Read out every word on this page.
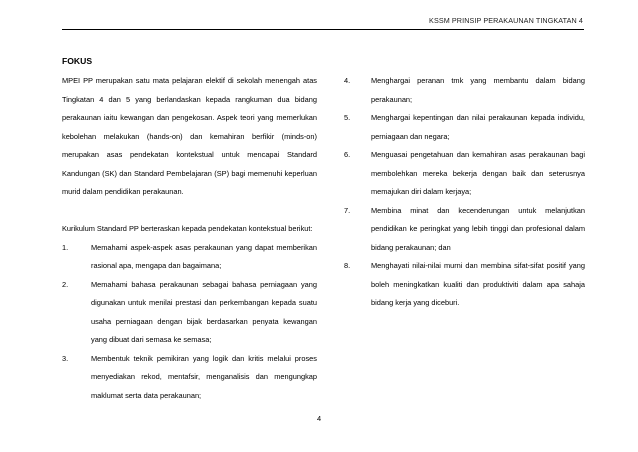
KSSM PRINSIP PERAKAUNAN TINGKATAN 4
FOKUS

MPEI PP merupakan satu mata pelajaran elektif di sekolah menengah atas Tingkatan 4 dan 5 yang berlandaskan kepada rangkuman dua bidang perakaunan iaitu kewangan dan pengekosan. Aspek teori yang memerlukan kebolehan melakukan (hands-on) dan kemahiran berfikir (minds-on) merupakan asas pendekatan kontekstual untuk mencapai Standard Kandungan (SK) dan Standard Pembelajaran (SP) bagi memenuhi keperluan murid dalam pendidikan perakaunan.

Kurikulum Standard PP berteraskan kepada pendekatan kontekstual berikut:

1.	Memahami aspek-aspek asas perakaunan yang dapat memberikan rasional apa, mengapa dan bagaimana;
2.	Memahami bahasa perakaunan sebagai bahasa perniagaan yang digunakan untuk menilai prestasi dan perkembangan kepada suatu usaha perniagaan dengan bijak berdasarkan penyata kewangan yang dibuat dari semasa ke semasa;
3.	Membentuk teknik pemikiran yang logik dan kritis melalui proses menyediakan rekod, mentafsir, menganalisis dan mengungkap maklumat serta data perakaunan;
4.	Menghargai peranan tmk yang membantu dalam bidang perakaunan;
5.	Menghargai kepentingan dan nilai perakaunan kepada individu, perniagaan dan negara;
6.	Menguasai pengetahuan dan kemahiran asas perakaunan bagi membolehkan mereka bekerja dengan baik dan seterusnya memajukan diri dalam kerjaya;
7.	Membina minat dan kecenderungan untuk melanjutkan pendidikan ke peringkat yang lebih tinggi dan profesional dalam bidang perakaunan; dan
8.	Menghayati nilai-nilai murni dan membina sifat-sifat positif yang boleh meningkatkan kualiti dan produktiviti dalam apa sahaja bidang kerja yang diceburi.
4
